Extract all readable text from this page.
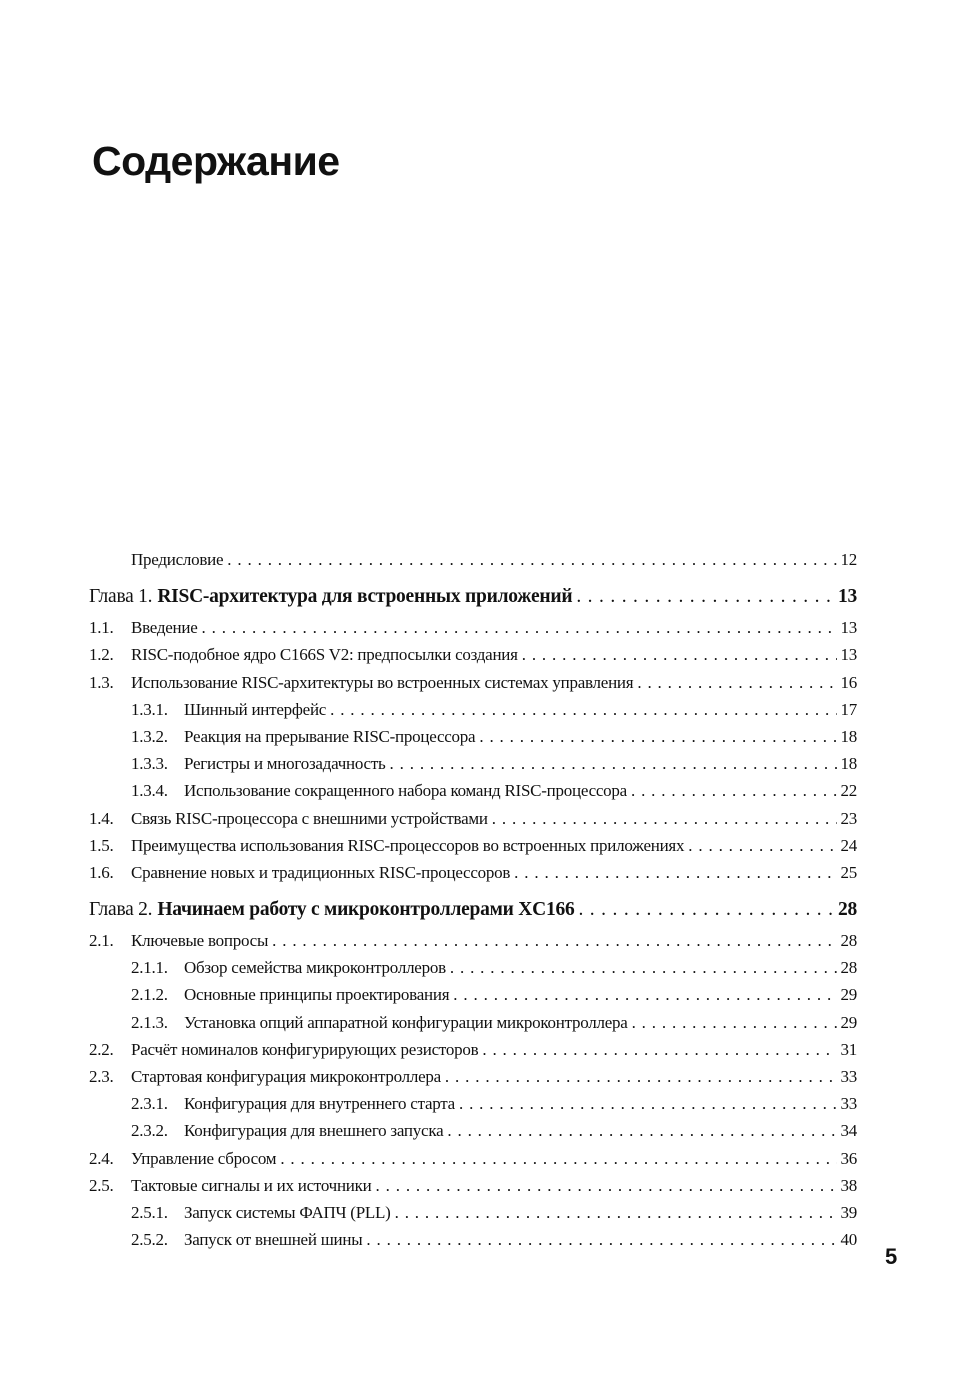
Содержание
Предисловие . . .	12
Глава 1. RISC-архитектура для встроенных приложений . . .	13
1.1.	Введение . . .	13
1.2.	RISC-подобное ядро C166S V2: предпосылки создания . . .	13
1.3.	Использование RISC-архитектуры во встроенных системах управления . . .	16
1.3.1. Шинный интерфейс . . .	17
1.3.2. Реакция на прерывание RISC-процессора . . .	18
1.3.3. Регистры и многозадачность . . .	18
1.3.4. Использование сокращенного набора команд RISC-процессора . . .	22
1.4.	Связь RISC-процессора с внешними устройствами . . .	23
1.5.	Преимущества использования RISC-процессоров во встроенных приложениях . . .	24
1.6.	Сравнение новых и традиционных RISC-процессоров . . .	25
Глава 2. Начинаем работу с микроконтроллерами XC166 . . .	28
2.1.	Ключевые вопросы . . .	28
2.1.1. Обзор семейства микроконтроллеров . . .	28
2.1.2. Основные принципы проектирования . . .	29
2.1.3. Установка опций аппаратной конфигурации микроконтроллера . . .	29
2.2.	Расчёт номиналов конфигурирующих резисторов . . .	31
2.3.	Стартовая конфигурация микроконтроллера . . .	33
2.3.1. Конфигурация для внутреннего старта . . .	33
2.3.2. Конфигурация для внешнего запуска . . .	34
2.4.	Управление сбросом . . .	36
2.5.	Тактовые сигналы и их источники . . .	38
2.5.1. Запуск системы ФАПЧ (PLL) . . .	39
2.5.2. Запуск от внешней шины . . .	40
5
